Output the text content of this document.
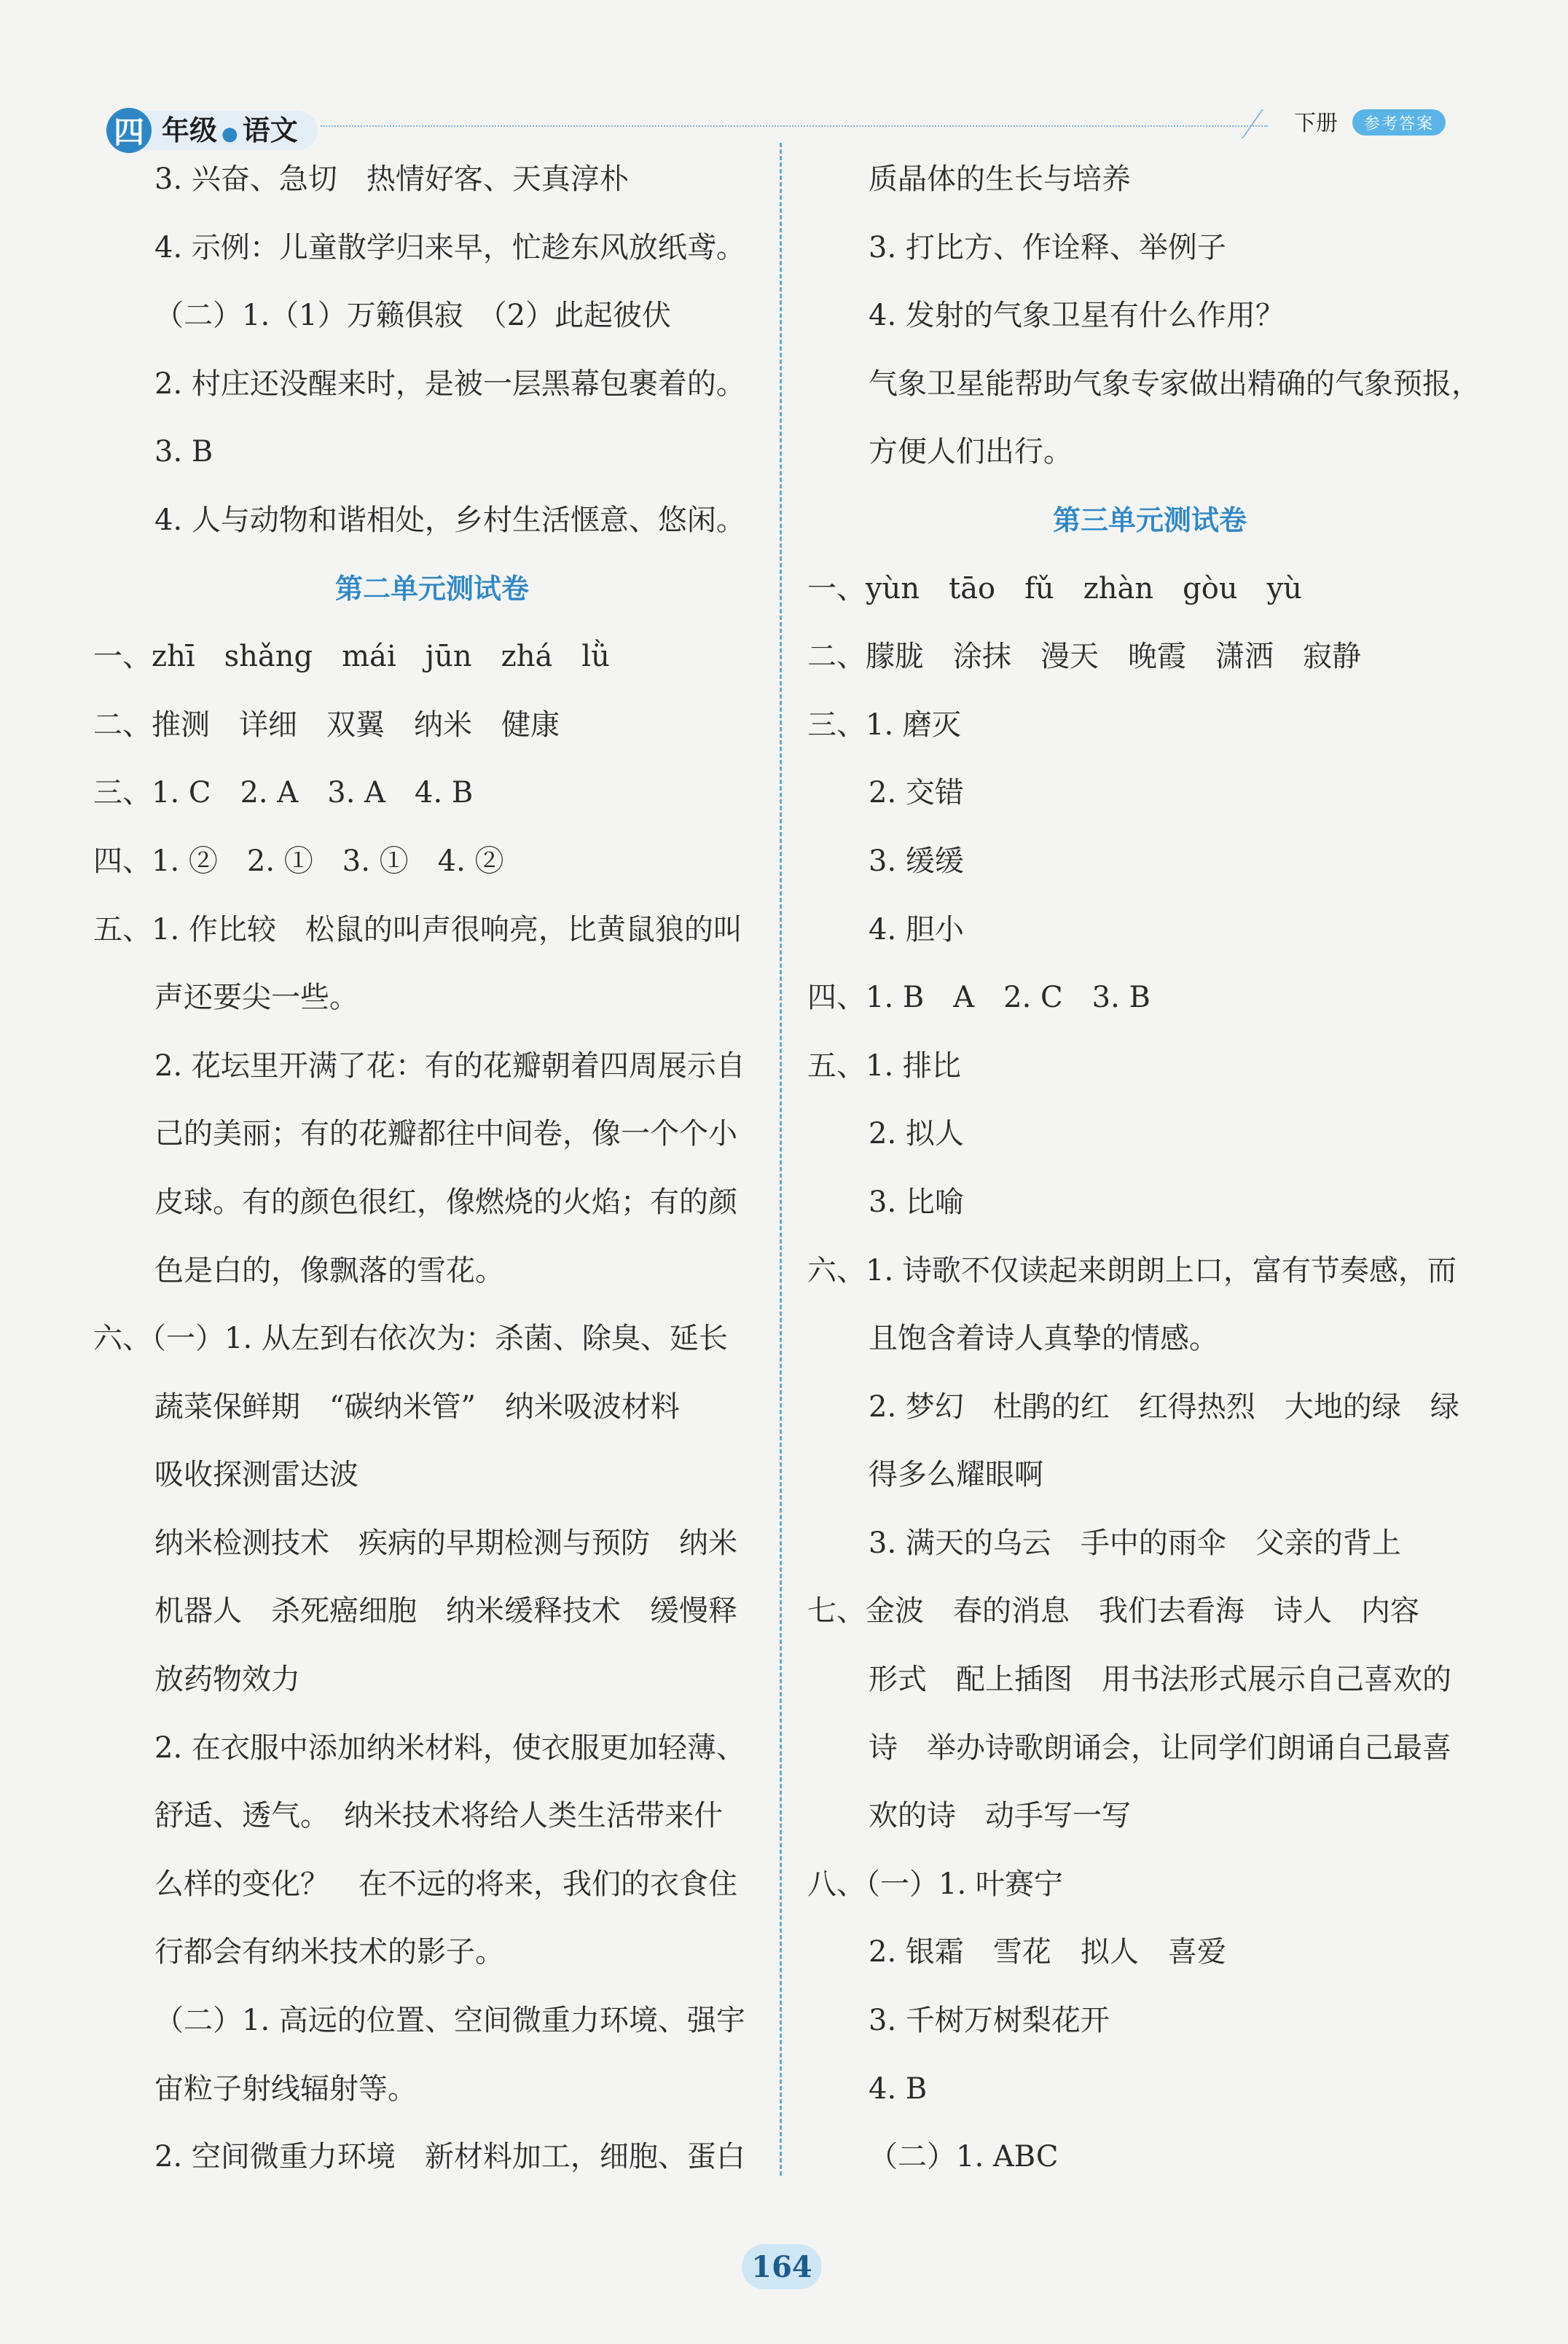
四 年级 ● 语文	下册	参考答案
3. 兴奋、急切　热情好客、天真淳朴
4. 示例：儿童散学归来早，忙趁东风放纸鸢。
（二）1.（1）万籁俱寂　（2）此起彼伏
2. 村庄还没醒来时，是被一层黑幕包裹着的。
3. B
4. 人与动物和谐相处，乡村生活惬意、悠闲。
第二单元测试卷
一、zhī　shǎng　mái　jūn　zhá　lǜ
二、推测　详细　双翼　纳米　健康
三、1. C　2. A　3. A　4. B
四、1. ②　2. ①　3. ①　4. ②
五、1. 作比较　松鼠的叫声很响亮，比黄鼠狼的叫
声还要尖一些。
2. 花坛里开满了花：有的花瓣朝着四周展示自
己的美丽；有的花瓣都往中间卷，像一个个小
皮球。有的颜色很红，像燃烧的火焰；有的颜
色是白的，像飘落的雪花。
六、（一）1. 从左到右依次为：杀菌、除臭、延长
蔬菜保鲜期　“碳纳米管”　纳米吸波材料
吸收探测雷达波
纳米检测技术　疾病的早期检测与预防　纳米
机器人　杀死癌细胞　纳米缓释技术　缓慢释
放药物效力
2. 在衣服中添加纳米材料，使衣服更加轻薄、
舒适、透气。　纳米技术将给人类生活带来什
么样的变化？　在不远的将来，我们的衣食住
行都会有纳米技术的影子。
（二）1. 高远的位置、空间微重力环境、强宇
宙粒子射线辐射等。
2. 空间微重力环境　新材料加工，细胞、蛋白
质晶体的生长与培养
3. 打比方、作诠释、举例子
4. 发射的气象卫星有什么作用？
气象卫星能帮助气象专家做出精确的气象预报，
方便人们出行。
第三单元测试卷
一、yùn　tāo　fǔ　zhàn　gòu　yù
二、朦胧　涂抹　漫天　晚霞　潇洒　寂静
三、1. 磨灭
2. 交错
3. 缓缓
4. 胆小
四、1. B　A　2. C　3. B
五、1. 排比
2. 拟人
3. 比喻
六、1. 诗歌不仅读起来朗朗上口，富有节奏感，而
且饱含着诗人真挚的情感。
2. 梦幻　杜鹃的红　红得热烈　大地的绿　绿
得多么耀眼啊
3. 满天的乌云　手中的雨伞　父亲的背上
七、金波　春的消息　我们去看海　诗人　内容
形式　配上插图　用书法形式展示自己喜欢的
诗　举办诗歌朗诵会，让同学们朗诵自己最喜
欢的诗　动手写一写
八、（一）1. 叶赛宁
2. 银霜　雪花　拟人　喜爱
3. 千树万树梨花开
4. B
（二）1. ABC
164
